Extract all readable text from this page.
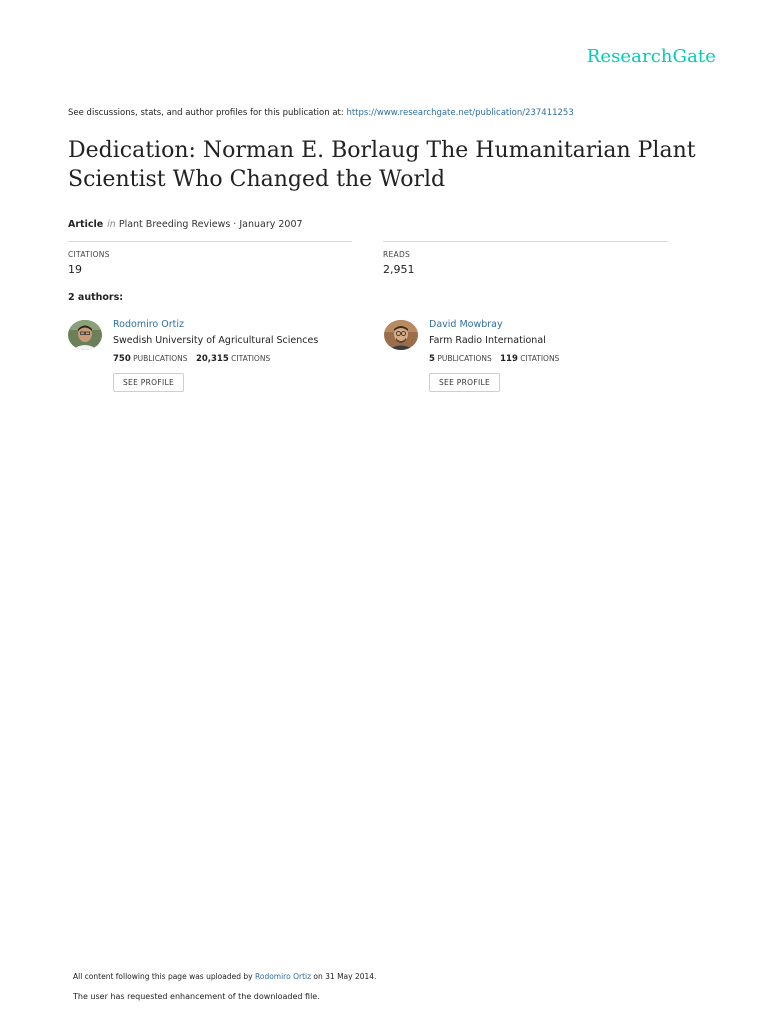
ResearchGate
See discussions, stats, and author profiles for this publication at: https://www.researchgate.net/publication/237411253
Dedication: Norman E. Borlaug The Humanitarian Plant Scientist Who Changed the World
Article in Plant Breeding Reviews · January 2007
CITATIONS
19
READS
2,951
2 authors:
Rodomiro Ortiz
Swedish University of Agricultural Sciences
750 PUBLICATIONS 20,315 CITATIONS
SEE PROFILE
David Mowbray
Farm Radio International
5 PUBLICATIONS 119 CITATIONS
SEE PROFILE
All content following this page was uploaded by Rodomiro Ortiz on 31 May 2014.
The user has requested enhancement of the downloaded file.
